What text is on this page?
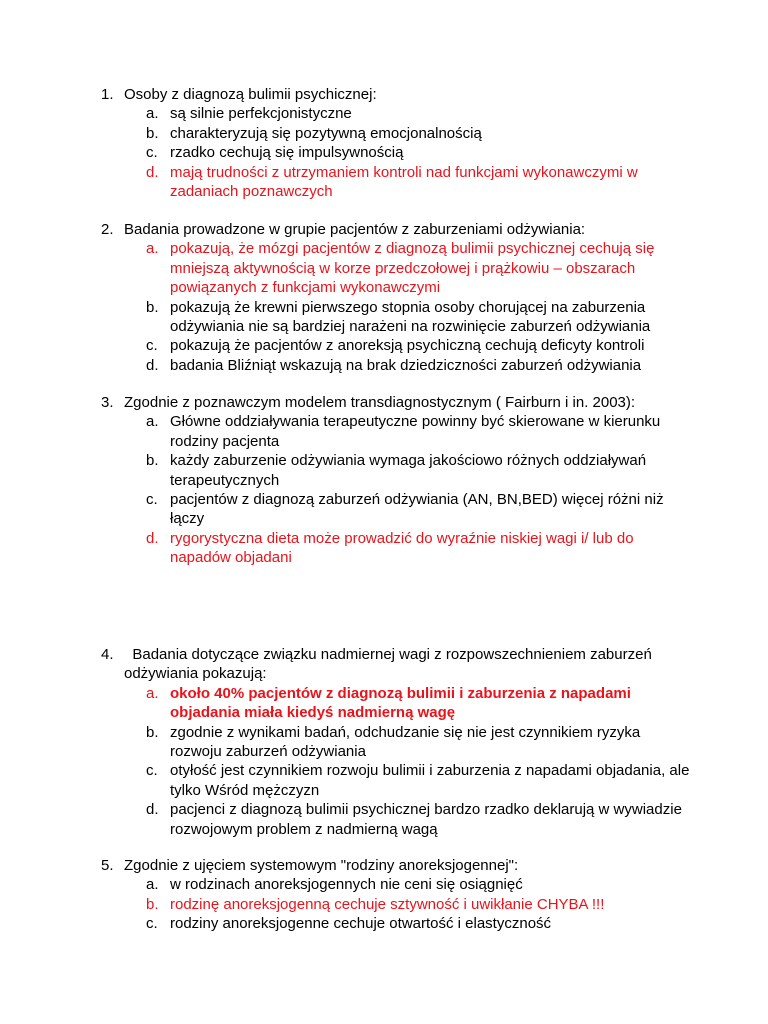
1. Osoby z diagnozą bulimii psychicznej:
a. są silnie perfekcjonistyczne
b. charakteryzują się pozytywną emocjonalnością
c. rzadko cechują się impulsywnością
d. mają trudności z utrzymaniem kontroli nad funkcjami wykonawczymi w zadaniach poznawczych
2. Badania prowadzone w grupie pacjentów z zaburzeniami odżywiania:
a. pokazują, że mózgi pacjentów z diagnozą bulimii psychicznej cechują się mniejszą aktywnością w korze przedczołowej i prążkowiu – obszarach powiązanych z funkcjami wykonawczymi
b. pokazują że krewni pierwszego stopnia osoby chorującej na zaburzenia odżywiania nie są bardziej narażeni na rozwinięcie zaburzeń odżywiania
c. pokazują że pacjentów z anoreksją psychiczną cechują deficyty kontroli
d. badania Bliźniąt wskazują na brak dziedziczności zaburzeń odżywiania
3. Zgodnie z poznawczym modelem transdiagnostycznym ( Fairburn i in. 2003):
a. Główne oddziaływania terapeutyczne powinny być skierowane w kierunku rodziny pacjenta
b. każdy zaburzenie odżywiania wymaga jakościowo różnych oddziaływań terapeutycznych
c. pacjentów z diagnozą zaburzeń odżywiania (AN, BN,BED) więcej różni niż łączy
d. rygorystyczna dieta może prowadzić do wyraźnie niskiej wagi i/ lub do napadów objadani
4. Badania dotyczące związku nadmiernej wagi z rozpowszechnieniem zaburzeń odżywiania pokazują:
a. około 40% pacjentów z diagnozą bulimii i zaburzenia z napadami objadania miała kiedyś nadmierną wagę
b. zgodnie z wynikami badań, odchudzanie się nie jest czynnikiem ryzyka rozwoju zaburzeń odżywiania
c. otyłość jest czynnikiem rozwoju bulimii i zaburzenia z napadami objadania, ale tylko Wśród mężczyzn
d. pacjenci z diagnozą bulimii psychicznej bardzo rzadko deklarują w wywiadzie rozwojowym problem z nadmierną wagą
5. Zgodnie z ujęciem systemowym "rodziny anoreksjogennej":
a. w rodzinach anoreksjogennych nie ceni się osiągnięć
b. rodzinę anoreksjogenną cechuje sztywność i uwikłanie CHYBA !!!
c. rodziny anoreksjogenne cechuje otwartość i elastyczność
